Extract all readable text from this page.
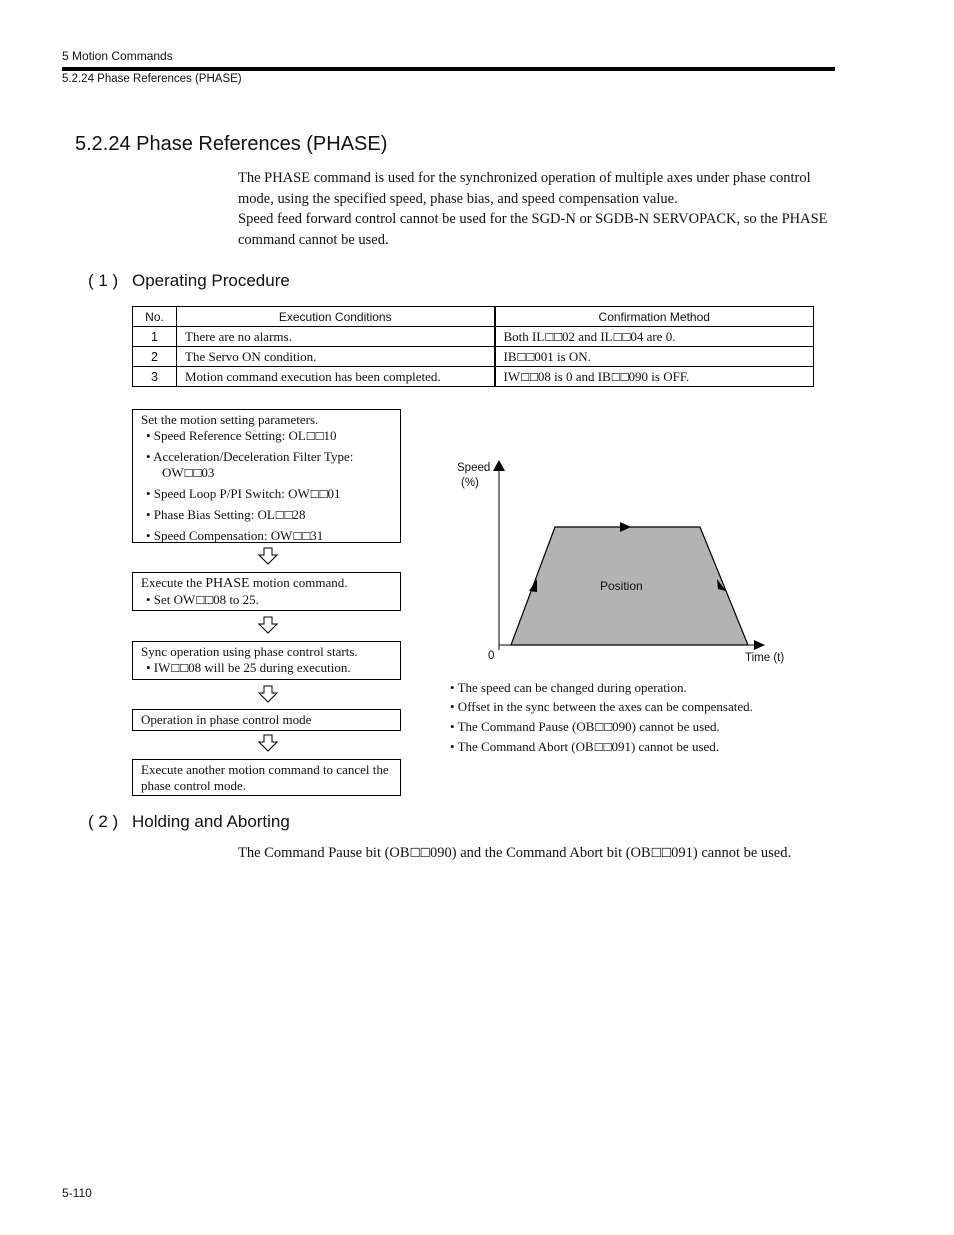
5 Motion Commands
5.2.24 Phase References (PHASE)
5.2.24 Phase References (PHASE)

The PHASE command is used for the synchronized operation of multiple axes under phase control mode, using the specified speed, phase bias, and speed compensation value.

Speed feed forward control cannot be used for the SGD-N or SGDB-N SERVOPACK, so the PHASE command cannot be used.

( 1 ) Operating Procedure
No.	Execution Conditions	Confirmation Method
1	There are no alarms.	Both IL☐☐02 and IL☐☐04 are 0.
2	The Servo ON condition.	IB☐☐001 is ON.
3	Motion command execution has been completed.	IW☐☐08 is 0 and IB☐☐090 is OFF.
Set the motion setting parameters.
• Speed Reference Setting: OL☐☐10
• Acceleration/Deceleration Filter Type:
OW☐☐03
• Speed Loop P/PI Switch: OW☐☐01
• Phase Bias Setting: OL☐☐28
• Speed Compensation: OW☐☐31
Execute the PHASE motion command.
• Set OW☐☐08 to 25.
Sync operation using phase control starts.
• IW☐☐08 will be 25 during execution.
Operation in phase control mode
Execute another motion command to cancel the phase control mode.
Speed
(%)
0	Time (t)
Position
• The speed can be changed during operation.
• Offset in the sync between the axes can be compensated.
• The Command Pause (OB☐☐090) cannot be used.
• The Command Abort (OB☐☐091) cannot be used.
( 2 ) Holding and Aborting
The Command Pause bit (OB☐☐090) and the Command Abort bit (OB☐☐091) cannot be used.
5-110
